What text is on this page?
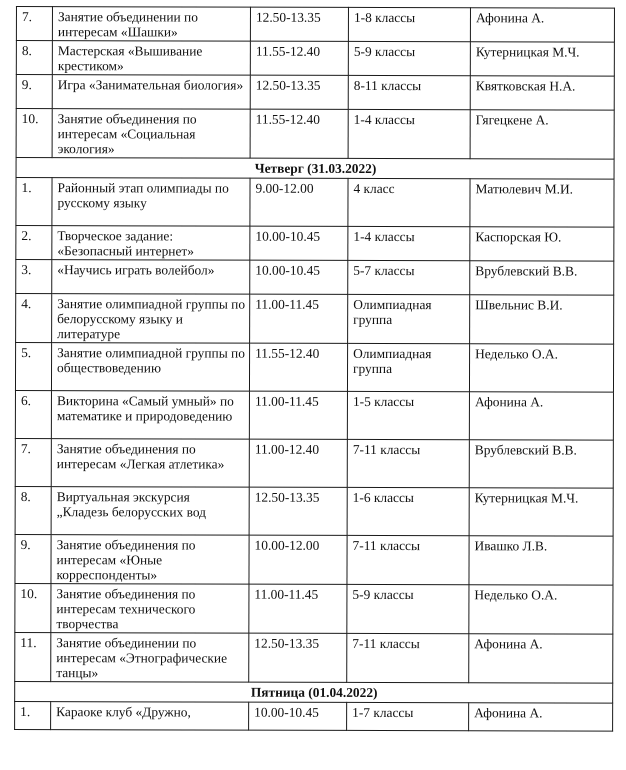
7.	Занятие объединении по интересам «Шашки»	12.50-13.35	1-8 классы	Афонина А.
8.	Мастерская «Вышивание крестиком»	11.55-12.40	5-9 классы	Кутерницкая М.Ч.
9.	Игра «Занимательная биология»	12.50-13.35	8-11 классы	Квятковская Н.А.
10.	Занятие объединения по интересам «Социальная экология»	11.55-12.40	1-4 классы	Гягецкене А.
Четверг (31.03.2022)				
1.	Районный этап олимпиады по русскому языку	9.00-12.00	4 класс	Матюлевич М.И.
2.	Творческое задание: «Безопасный интернет»	10.00-10.45	1-4 классы	Каспорская Ю.
3.	«Научись играть волейбол»	10.00-10.45	5-7 классы	Врублевский В.В.
4.	Занятие олимпиадной группы по белорусскому языку и литературе	11.00-11.45	Олимпиадная группа	Швельнис В.И.
5.	Занятие олимпиадной группы по обществоведению	11.55-12.40	Олимпиадная группа	Неделько О.А.
6.	Викторина «Самый умный» по математике и природоведению	11.00-11.45	1-5 классы	Афонина А.
7.	Занятие объединения по интересам «Легкая атлетика»	11.00-12.40	7-11 классы	Врублевский В.В.
8.	Виртуальная экскурсия „Кладезь белорусских вод	12.50-13.35	1-6 классы	Кутерницкая М.Ч.
9.	Занятие объединения по интересам «Юные корреспонденты»	10.00-12.00	7-11 классы	Ивашко Л.В.
10.	Занятие объединения по интересам технического творчества	11.00-11.45	5-9 классы	Неделько О.А.
11.	Занятие объединении по интересам «Этнографические танцы»	12.50-13.35	7-11 классы	Афонина А.
Пятница (01.04.2022)				
1.	Караоке клуб «Дружно,	10.00-10.45	1-7 классы	Афонина А.
